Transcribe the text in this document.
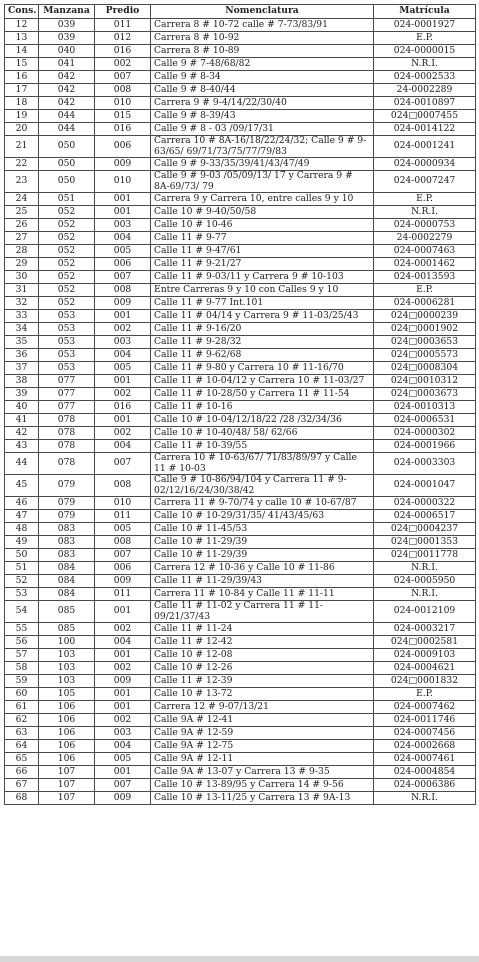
Cons.	Manzana	Predio	Nomenclatura	Matrícula
12	039	011	Carrera 8 # 10-72 calle # 7-73/83/91	024-0001927
13	039	012	Carrera 8 # 10-92	E.P.
14	040	016	Carrera 8 # 10-89	024-0000015
15	041	002	Calle 9 # 7-48/68/82	N.R.I.
16	042	007	Calle 9 # 8-34	024-0002533
17	042	008	Calle 9 # 8-40/44	24-0002289
18	042	010	Carrera 9 # 9-4/14/22/30/40	024-0010897
19	044	015	Calle 9 # 8-39/43	024□0007455
20	044	016	Calle 9 # 8 - 03 /09/17/31	024-0014122
21	050	006	Carrera 10 # 8A-16/18/22/24/32; Calle 9 # 9-63/65/ 69/71/73/75/77/79/83	024-0001241
22	050	009	Calle 9 # 9-33/35/39/41/43/47/49	024-0000934
23	050	010	Calle 9 # 9-03 /05/09/13/ 17 y Carrera 9 # 8A-69/73/ 79	024-0007247
24	051	001	Carrera 9 y Carrera 10, entre calles 9 y 10	E.P.
25	052	001	Calle 10 # 9-40/50/58	N.R.I.
26	052	003	Calle 10 # 10-46	024-0000753
27	052	004	Calle 11 # 9-77	24-0002279
28	052	005	Calle 11 # 9-47/61	024-0007463
29	052	006	Calle 11 # 9-21/27	024-0001462
30	052	007	Calle 11 # 9-03/11 y Carrera 9 # 10-103	024-0013593
31	052	008	Entre Carreras 9 y 10 con Calles 9 y 10	E.P.
32	052	009	Calle 11 # 9-77 Int.101	024-0006281
33	053	001	Calle 11 # 04/14 y Carrera 9 # 11-03/25/43	024□0000239
34	053	002	Calle 11 # 9-16/20	024□0001902
35	053	003	Calle 11 # 9-28/32	024□0003653
36	053	004	Calle 11 # 9-62/68	024□0005573
37	053	005	Calle 11 # 9-80 y Carrera 10 # 11-16/70	024□0008304
38	077	001	Calle 11 # 10-04/12 y Carrera 10 # 11-03/27	024□0010312
39	077	002	Calle 11 # 10-28/50 y Carrera 11 # 11-54	024□0003673
40	077	016	Calle 11 # 10-16	024-0010313
41	078	001	Calle 10 # 10-04/12/18/22 /28 /32/34/36	024-0006531
42	078	002	Calle 10 # 10-40/48/ 58/ 62/66	024-0000302
43	078	004	Calle 11 # 10-39/55	024-0001966
44	078	007	Carrera 10 # 10-63/67/ 71/83/89/97 y Calle 11 # 10-03	024-0003303
45	079	008	Calle 9 # 10-86/94/104 y Carrera 11 # 9-02/12/16/24/30/38/42	024-0001047
46	079	010	Carrera 11 # 9-70/74 y calle 10 # 10-67/87	024-0000322
47	079	011	Calle 10 # 10-29/31/35/ 41/43/45/63	024-0006517
48	083	005	Calle 10 # 11-45/53	024□0004237
49	083	008	Calle 10 # 11-29/39	024□0001353
50	083	007	Calle 10 # 11-29/39	024□0011778
51	084	006	Carrera 12 # 10-36 y Calle 10 # 11-86	N.R.I.
52	084	009	Calle 11 # 11-29/39/43	024-0005950
53	084	011	Carrera 11 # 10-84 y Calle 11 # 11-11	N.R.I.
54	085	001	Calle 11 # 11-02 y Carrera 11 # 11- 09/21/37/43	024-0012109
55	085	002	Calle 11 # 11-24	024-0003217
56	100	004	Calle 11 # 12-42	024□0002581
57	103	001	Calle 10 # 12-08	024-0009103
58	103	002	Calle 10 # 12-26	024-0004621
59	103	009	Calle 11 # 12-39	024□0001832
60	105	001	Calle 10 # 13-72	E.P.
61	106	001	Carrera 12 # 9-07/13/21	024-0007462
62	106	002	Calle 9A # 12-41	024-0011746
63	106	003	Calle 9A # 12-59	024-0007456
64	106	004	Calle 9A # 12-75	024-0002668
65	106	005	Calle 9A # 12-11	024-0007461
66	107	001	Calle 9A # 13-07 y Carrera 13 # 9-35	024-0004854
67	107	007	Calle 10 # 13-89/95 y Carrera 14 # 9-56	024-0006386
68	107	009	Calle 10 # 13-11/25 y Carrera 13 # 9A-13	N.R.I.
